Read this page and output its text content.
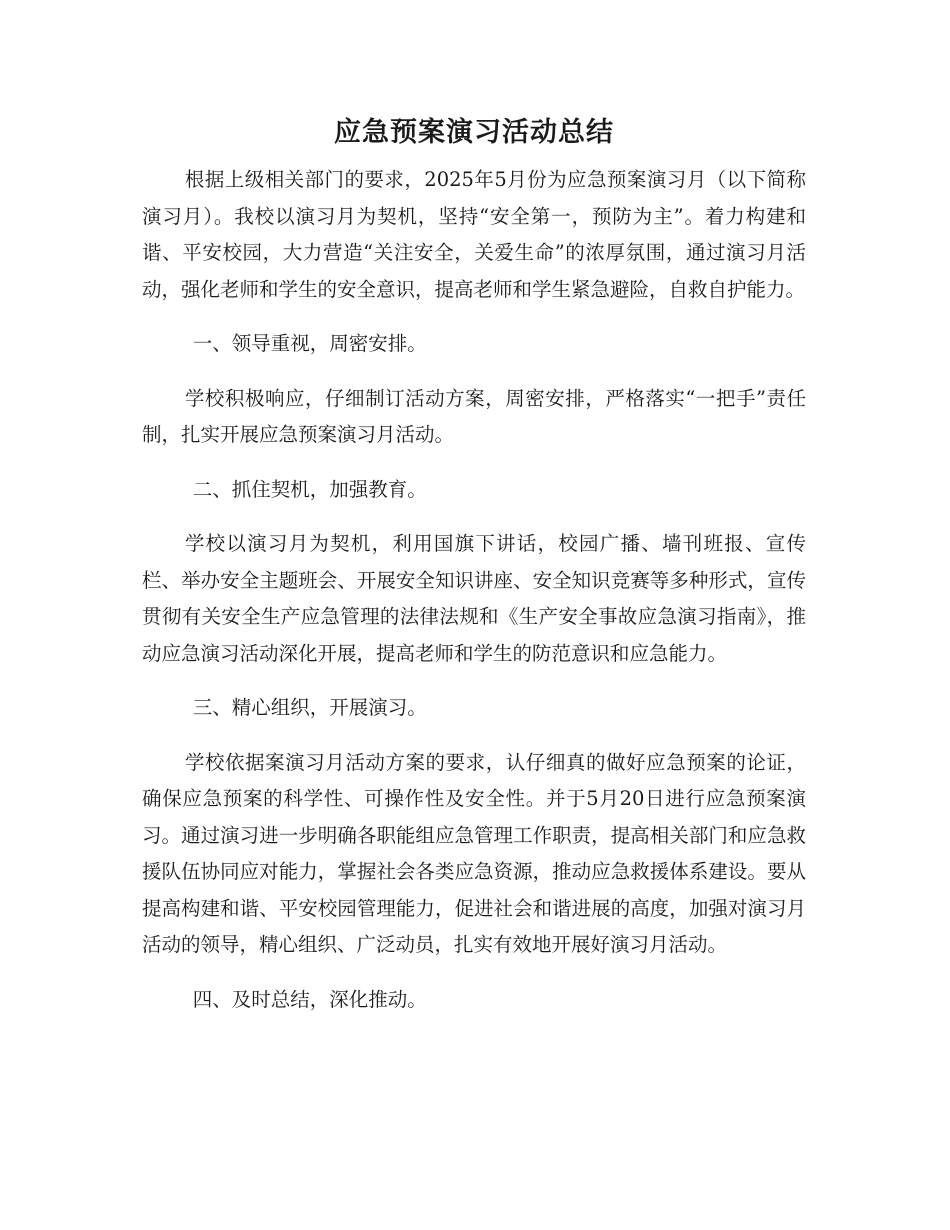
应急预案演习活动总结

根据上级相关部门的要求，2025年5月份为应急预案演习月（以下简称演习月）。我校以演习月为契机，坚持“安全第一，预防为主”。着力构建和谐、平安校园，大力营造“关注安全，关爱生命”的浓厚氛围，通过演习月活动，强化老师和学生的安全意识，提高老师和学生紧急避险，自救自护能力。

一、领导重视，周密安排。

学校积极响应，仔细制订活动方案，周密安排，严格落实“一把手”责任制，扎实开展应急预案演习月活动。

二、抓住契机，加强教育。

学校以演习月为契机，利用国旗下讲话，校园广播、墙刊班报、宣传栏、举办安全主题班会、开展安全知识讲座、安全知识竞赛等多种形式，宣传贯彻有关安全生产应急管理的法律法规和《生产安全事故应急演习指南》，推动应急演习活动深化开展，提高老师和学生的防范意识和应急能力。

三、精心组织，开展演习。

学校依据案演习月活动方案的要求，认仔细真的做好应急预案的论证，确保应急预案的科学性、可操作性及安全性。并于5月20日进行应急预案演习。通过演习进一步明确各职能组应急管理工作职责，提高相关部门和应急救援队伍协同应对能力，掌握社会各类应急资源，推动应急救援体系建设。要从提高构建和谐、平安校园管理能力，促进社会和谐进展的高度，加强对演习月活动的领导，精心组织、广泛动员，扎实有效地开展好演习月活动。

四、及时总结，深化推动。
